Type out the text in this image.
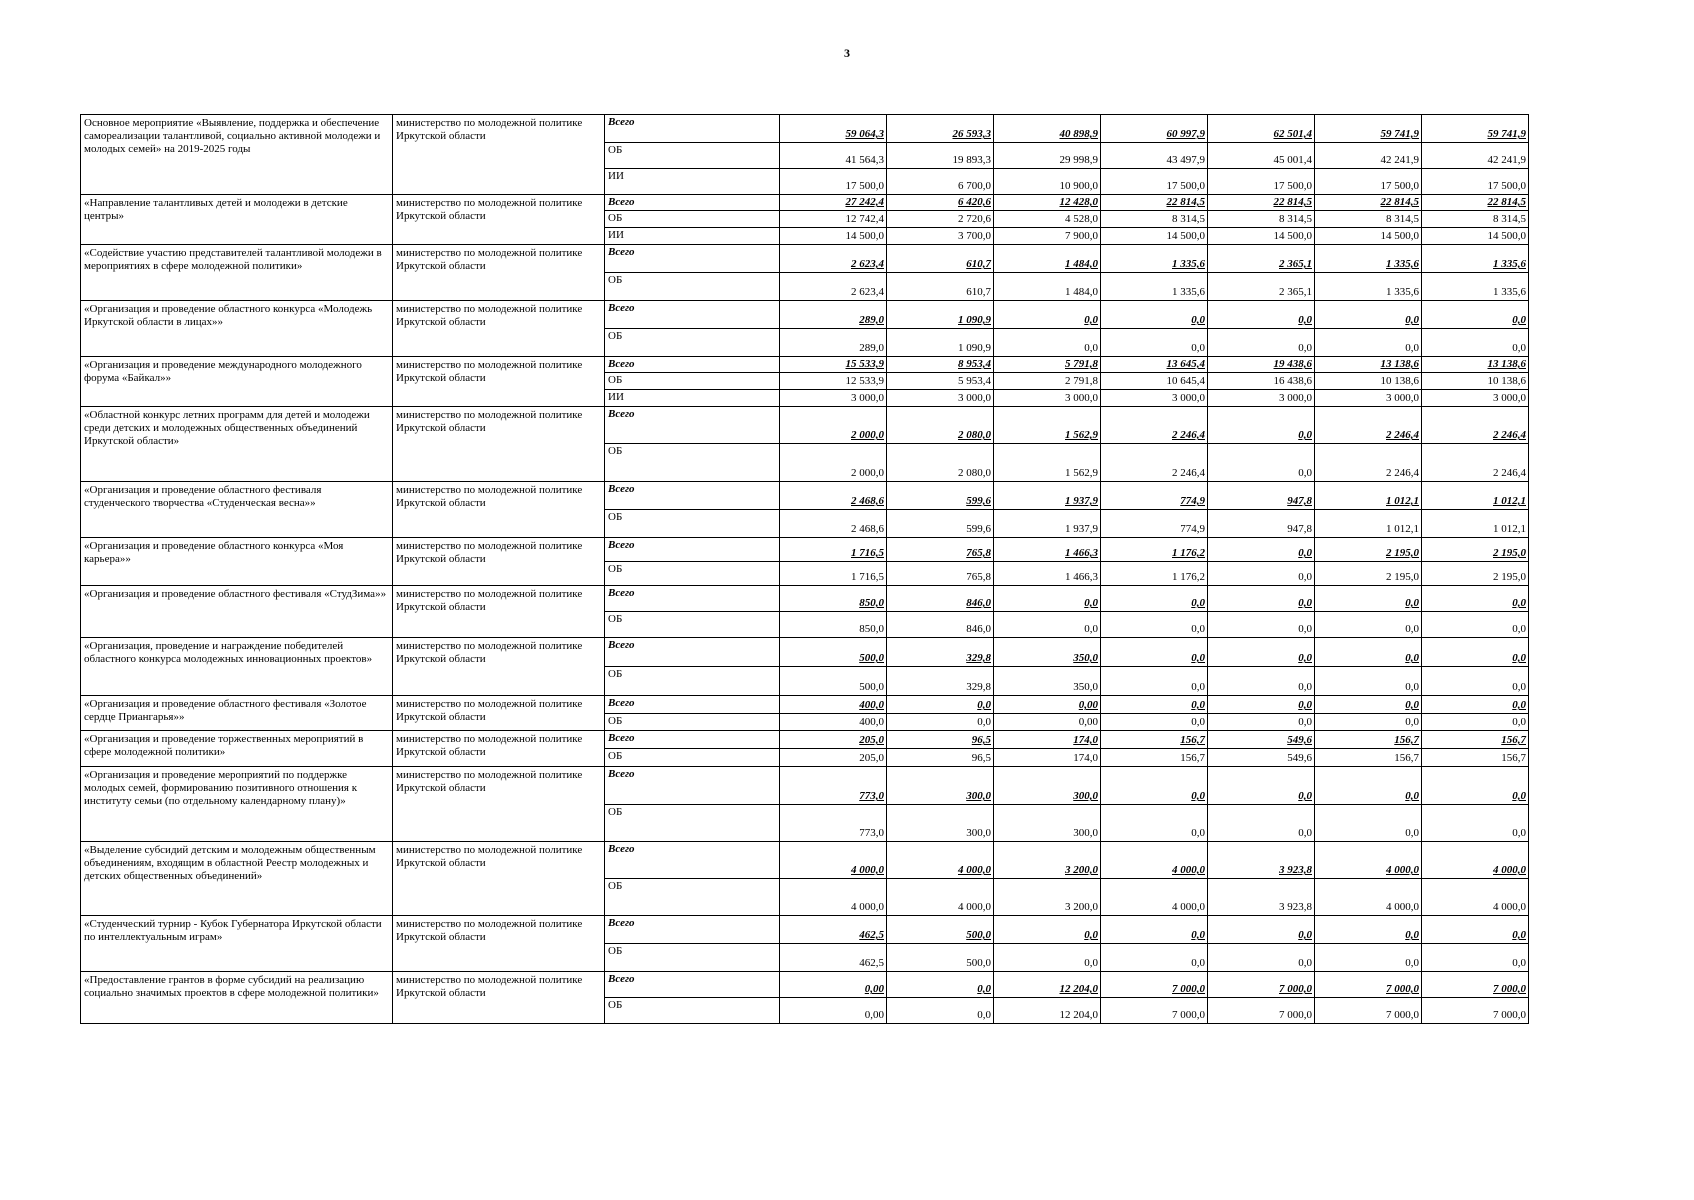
3
Основное мероприятие «Выявление, поддержка и обеспечение самореализации талантливой, социально активной молодежи и молодых семей» на 2019-2025 годы	министерство по молодежной политике Иркутской области	Всего	59 064,3	26 593,3	40 898,9	60 997,9	62 501,4	59 741,9	59 741,9
		ОБ	41 564,3	19 893,3	29 998,9	43 497,9	45 001,4	42 241,9	42 241,9
		ИИ	17 500,0	6 700,0	10 900,0	17 500,0	17 500,0	17 500,0	17 500,0
«Направление талантливых детей и молодежи в детские центры»	министерство по молодежной политике Иркутской области	Всего	27 242,4	6 420,6	12 428,0	22 814,5	22 814,5	22 814,5	22 814,5
		ОБ	12 742,4	2 720,6	4 528,0	8 314,5	8 314,5	8 314,5	8 314,5
		ИИ	14 500,0	3 700,0	7 900,0	14 500,0	14 500,0	14 500,0	14 500,0
«Содействие участию представителей талантливой молодежи в мероприятиях в сфере молодежной политики»	министерство по молодежной политике Иркутской области	Всего	2 623,4	610,7	1 484,0	1 335,6	2 365,1	1 335,6	1 335,6
		ОБ	2 623,4	610,7	1 484,0	1 335,6	2 365,1	1 335,6	1 335,6
«Организация и проведение областного конкурса «Молодежь Иркутской области в лицах»»	министерство по молодежной политике Иркутской области	Всего	289,0	1 090,9	0,0	0,0	0,0	0,0	0,0
		ОБ	289,0	1 090,9	0,0	0,0	0,0	0,0	0,0
«Организация и проведение международного молодежного форума «Байкал»»	министерство по молодежной политике Иркутской области	Всего	15 533,9	8 953,4	5 791,8	13 645,4	19 438,6	13 138,6	13 138,6
		ОБ	12 533,9	5 953,4	2 791,8	10 645,4	16 438,6	10 138,6	10 138,6
		ИИ	3 000,0	3 000,0	3 000,0	3 000,0	3 000,0	3 000,0	3 000,0
«Областной конкурс летних программ для детей и молодежи среди детских и молодежных общественных объединений Иркутской области»	министерство по молодежной политике Иркутской области	Всего	2 000,0	2 080,0	1 562,9	2 246,4	0,0	2 246,4	2 246,4
		ОБ	2 000,0	2 080,0	1 562,9	2 246,4	0,0	2 246,4	2 246,4
«Организация и проведение областного фестиваля студенческого творчества «Студенческая весна»»	министерство по молодежной политике Иркутской области	Всего	2 468,6	599,6	1 937,9	774,9	947,8	1 012,1	1 012,1
		ОБ	2 468,6	599,6	1 937,9	774,9	947,8	1 012,1	1 012,1
«Организация и проведение областного конкурса «Моя карьера»»	министерство по молодежной политике Иркутской области	Всего	1 716,5	765,8	1 466,3	1 176,2	0,0	2 195,0	2 195,0
		ОБ	1 716,5	765,8	1 466,3	1 176,2	0,0	2 195,0	2 195,0
«Организация и проведение областного фестиваля «СтудЗима»»	министерство по молодежной политике Иркутской области	Всего	850,0	846,0	0,0	0,0	0,0	0,0	0,0
		ОБ	850,0	846,0	0,0	0,0	0,0	0,0	0,0
«Организация, проведение и награждение победителей областного конкурса молодежных инновационных проектов»	министерство по молодежной политике Иркутской области	Всего	500,0	329,8	350,0	0,0	0,0	0,0	0,0
		ОБ	500,0	329,8	350,0	0,0	0,0	0,0	0,0
«Организация и проведение областного фестиваля «Золотое сердце Приангарья»»	министерство по молодежной политике Иркутской области	Всего	400,0	0,0	0,00	0,0	0,0	0,0	0,0
		ОБ	400,0	0,0	0,00	0,0	0,0	0,0	0,0
«Организация и проведение торжественных мероприятий в сфере молодежной политики»	министерство по молодежной политике Иркутской области	Всего	205,0	96,5	174,0	156,7	549,6	156,7	156,7
		ОБ	205,0	96,5	174,0	156,7	549,6	156,7	156,7
«Организация и проведение мероприятий по поддержке молодых семей, формированию позитивного отношения к институту семьи (по отдельному календарному плану)»	министерство по молодежной политике Иркутской области	Всего	773,0	300,0	300,0	0,0	0,0	0,0	0,0
		ОБ	773,0	300,0	300,0	0,0	0,0	0,0	0,0
«Выделение субсидий детским и молодежным общественным объединениям, входящим в областной Реестр молодежных и детских общественных объединений»	министерство по молодежной политике Иркутской области	Всего	4 000,0	4 000,0	3 200,0	4 000,0	3 923,8	4 000,0	4 000,0
		ОБ	4 000,0	4 000,0	3 200,0	4 000,0	3 923,8	4 000,0	4 000,0
«Студенческий турнир - Кубок Губернатора Иркутской области по интеллектуальным играм»	министерство по молодежной политике Иркутской области	Всего	462,5	500,0	0,0	0,0	0,0	0,0	0,0
		ОБ	462,5	500,0	0,0	0,0	0,0	0,0	0,0
«Предоставление грантов в форме субсидий на реализацию социально значимых проектов в сфере молодежной политики»	министерство по молодежной политике Иркутской области	Всего	0,00	0,0	12 204,0	7 000,0	7 000,0	7 000,0	7 000,0
		ОБ	0,00	0,0	12 204,0	7 000,0	7 000,0	7 000,0	7 000,0
